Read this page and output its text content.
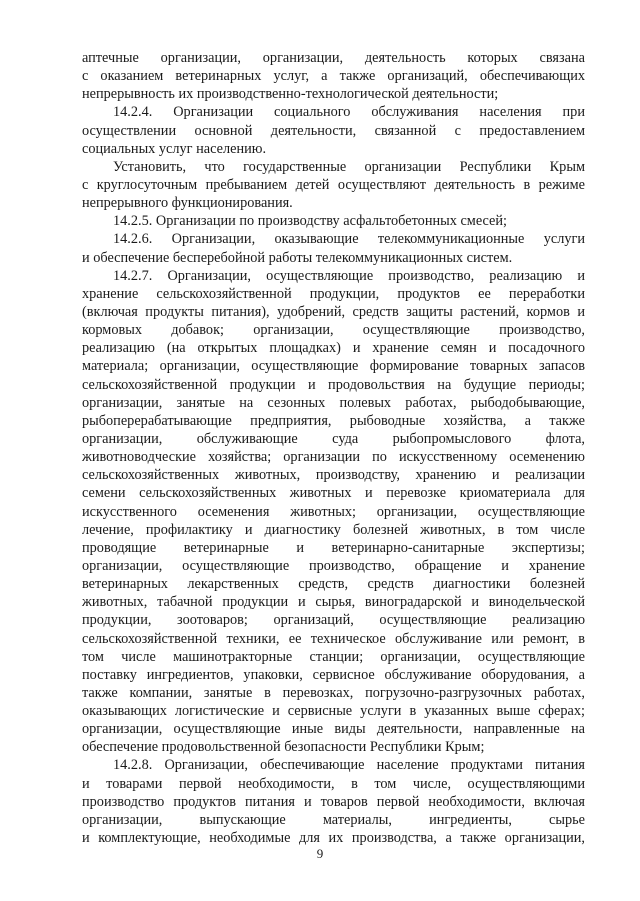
аптечные организации, организации, деятельность которых связана
с оказанием ветеринарных услуг, а также организаций, обеспечивающих
непрерывность их производственно-технологической деятельности;
14.2.4. Организации социального обслуживания населения при
осуществлении основной деятельности, связанной с предоставлением
социальных услуг населению.
Установить, что государственные организации Республики Крым
с круглосуточным пребыванием детей осуществляют деятельность в режиме
непрерывного функционирования.
14.2.5. Организации по производству асфальтобетонных смесей;
14.2.6. Организации, оказывающие телекоммуникационные услуги
и обеспечение бесперебойной работы телекоммуникационных систем.
14.2.7. Организации, осуществляющие производство, реализацию и
хранение сельскохозяйственной продукции, продуктов ее переработки
(включая продукты питания), удобрений, средств защиты растений, кормов и
кормовых добавок; организации, осуществляющие производство,
реализацию (на открытых площадках) и хранение семян и посадочного
материала; организации, осуществляющие формирование товарных запасов
сельскохозяйственной продукции и продовольствия на будущие периоды;
организации, занятые на сезонных полевых работах, рыбодобывающие,
рыбоперерабатывающие предприятия, рыбоводные хозяйства, а также
организации, обслуживающие суда рыбопромыслового флота,
животноводческие хозяйства; организации по искусственному осеменению
сельскохозяйственных животных, производству, хранению и реализации
семени сельскохозяйственных животных и перевозке криоматериала для
искусственного осеменения животных; организации, осуществляющие
лечение, профилактику и диагностику болезней животных, в том числе
проводящие ветеринарные и ветеринарно-санитарные экспертизы;
организации, осуществляющие производство, обращение и хранение
ветеринарных лекарственных средств, средств диагностики болезней
животных, табачной продукции и сырья, виноградарской и винодельческой
продукции, зоотоваров; организаций, осуществляющие реализацию
сельскохозяйственной техники, ее техническое обслуживание или ремонт, в
том числе машинотракторные станции; организации, осуществляющие
поставку ингредиентов, упаковки, сервисное обслуживание оборудования, а
также компании, занятые в перевозках, погрузочно-разгрузочных работах,
оказывающих логистические и сервисные услуги в указанных выше сферах;
организации, осуществляющие иные виды деятельности, направленные на
обеспечение продовольственной безопасности Республики Крым;
14.2.8. Организации, обеспечивающие население продуктами питания
и товарами первой необходимости, в том числе, осуществляющими
производство продуктов питания и товаров первой необходимости, включая
организации, выпускающие материалы, ингредиенты, сырье
и комплектующие, необходимые для их производства, а также организации,
9
